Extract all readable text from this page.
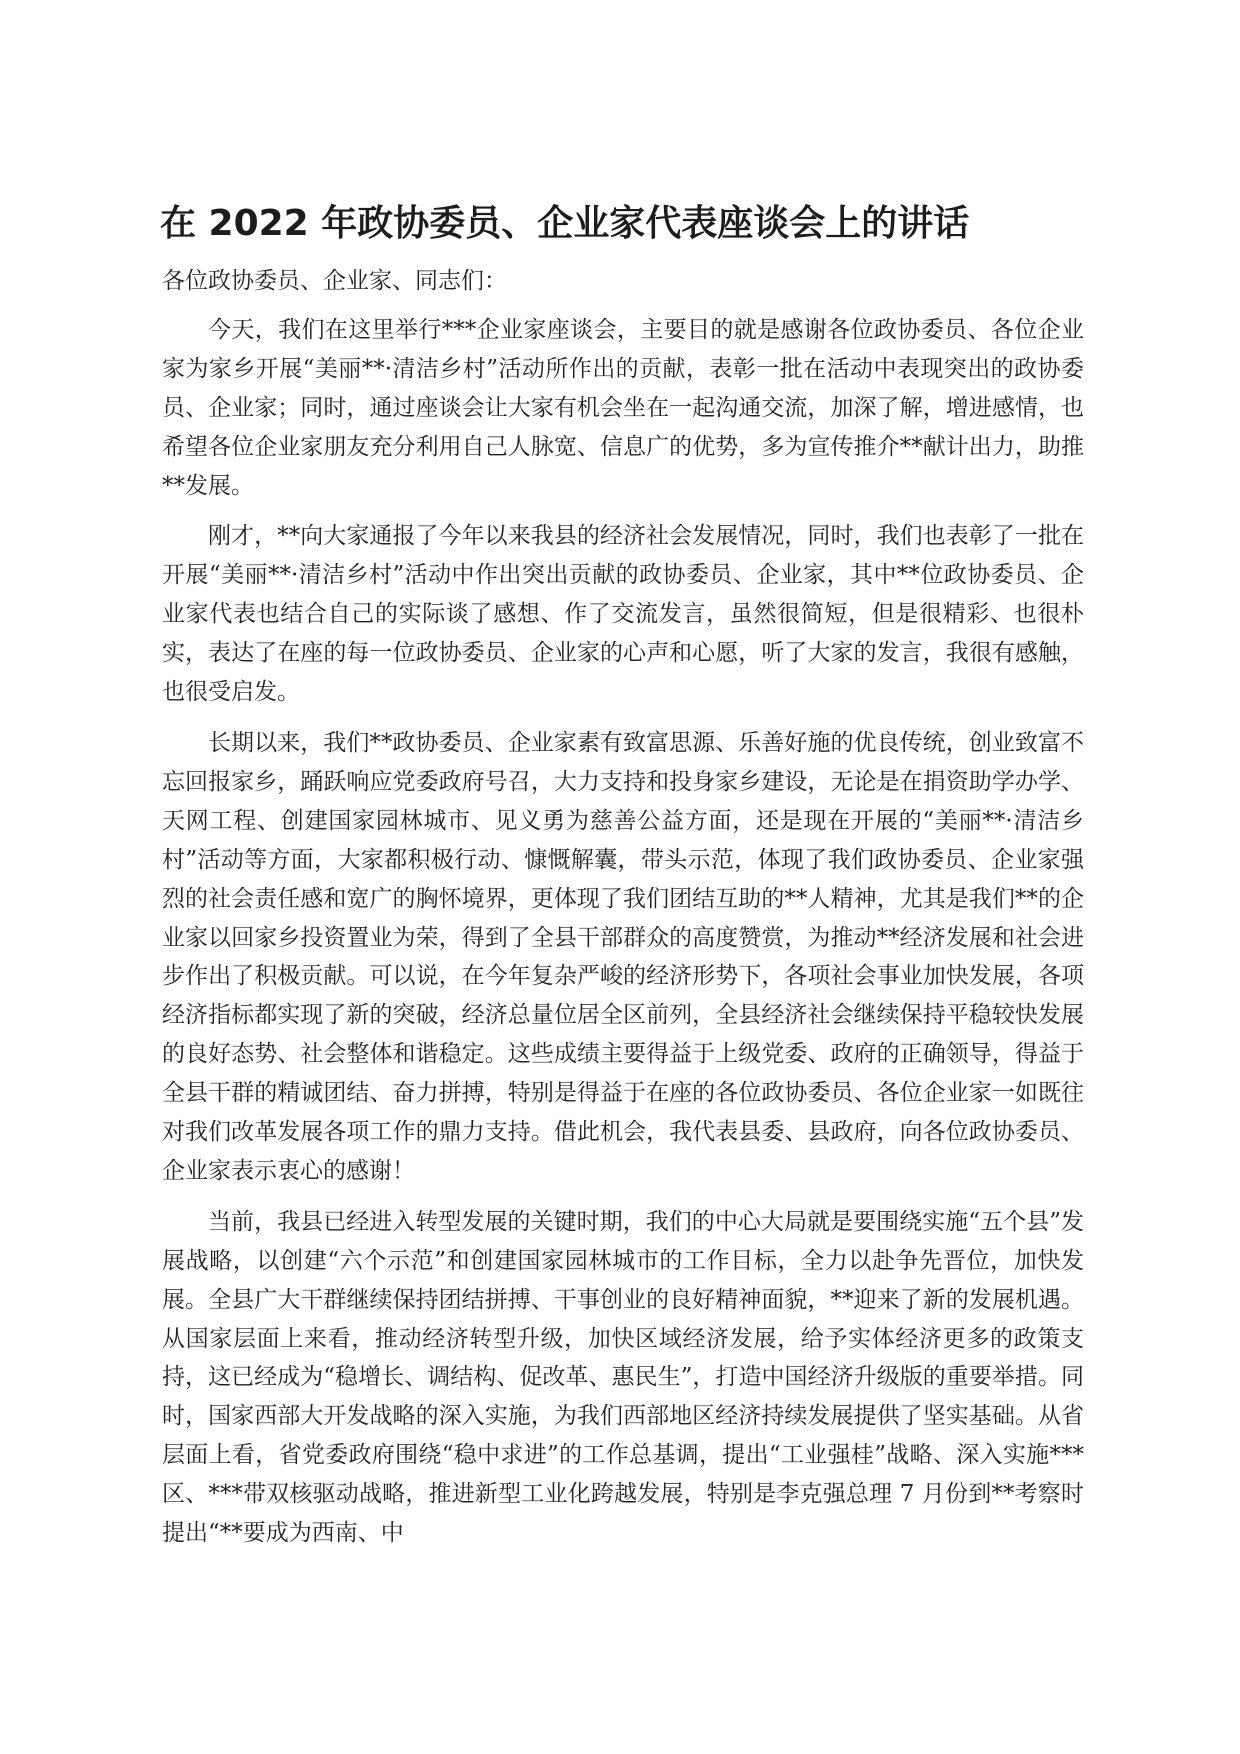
在 2022 年政协委员、企业家代表座谈会上的讲话

各位政协委员、企业家、同志们：

今天，我们在这里举行***企业家座谈会，主要目的就是感谢各位政协委员、各位企业家为家乡开展“美丽**·清洁乡村”活动所作出的贡献，表彰一批在活动中表现突出的政协委员、企业家；同时，通过座谈会让大家有机会坐在一起沟通交流，加深了解，增进感情，也希望各位企业家朋友充分利用自己人脉宽、信息广的优势，多为宣传推介**献计出力，助推**发展。

刚才，**向大家通报了今年以来我县的经济社会发展情况，同时，我们也表彰了一批在开展“美丽**·清洁乡村”活动中作出突出贡献的政协委员、企业家，其中**位政协委员、企业家代表也结合自己的实际谈了感想、作了交流发言，虽然很简短，但是很精彩、也很朴实，表达了在座的每一位政协委员、企业家的心声和心愿，听了大家的发言，我很有感触，也很受启发。

长期以来，我们**政协委员、企业家素有致富思源、乐善好施的优良传统，创业致富不忘回报家乡，踊跃响应党委政府号召，大力支持和投身家乡建设，无论是在捐资助学办学、天网工程、创建国家园林城市、见义勇为慈善公益方面，还是现在开展的“美丽**·清洁乡村”活动等方面，大家都积极行动、慷慨解囊，带头示范，体现了我们政协委员、企业家强烈的社会责任感和宽广的胸怀境界，更体现了我们团结互助的**人精神，尤其是我们**的企业家以回家乡投资置业为荣，得到了全县干部群众的高度赞赏，为推动**经济发展和社会进步作出了积极贡献。可以说，在今年复杂严峻的经济形势下，各项社会事业加快发展，各项经济指标都实现了新的突破，经济总量位居全区前列，全县经济社会继续保持平稳较快发展的良好态势、社会整体和谐稳定。这些成绩主要得益于上级党委、政府的正确领导，得益于全县干群的精诚团结、奋力拼搏，特别是得益于在座的各位政协委员、各位企业家一如既往对我们改革发展各项工作的鼎力支持。借此机会，我代表县委、县政府，向各位政协委员、企业家表示衷心的感谢！

当前，我县已经进入转型发展的关键时期，我们的中心大局就是要围绕实施“五个县”发展战略，以创建“六个示范”和创建国家园林城市的工作目标，全力以赴争先晋位，加快发展。全县广大干群继续保持团结拼搏、干事创业的良好精神面貌，**迎来了新的发展机遇。从国家层面上来看，推动经济转型升级，加快区域经济发展，给予实体经济更多的政策支持，这已经成为“稳增长、调结构、促改革、惠民生”，打造中国经济升级版的重要举措。同时，国家西部大开发战略的深入实施，为我们西部地区经济持续发展提供了坚实基础。从省层面上看，省党委政府围绕“稳中求进”的工作总基调，提出“工业强桂”战略、深入实施***区、***带双核驱动战略，推进新型工业化跨越发展，特别是李克强总理 7 月份到**考察时提出“**要成为西南、中
